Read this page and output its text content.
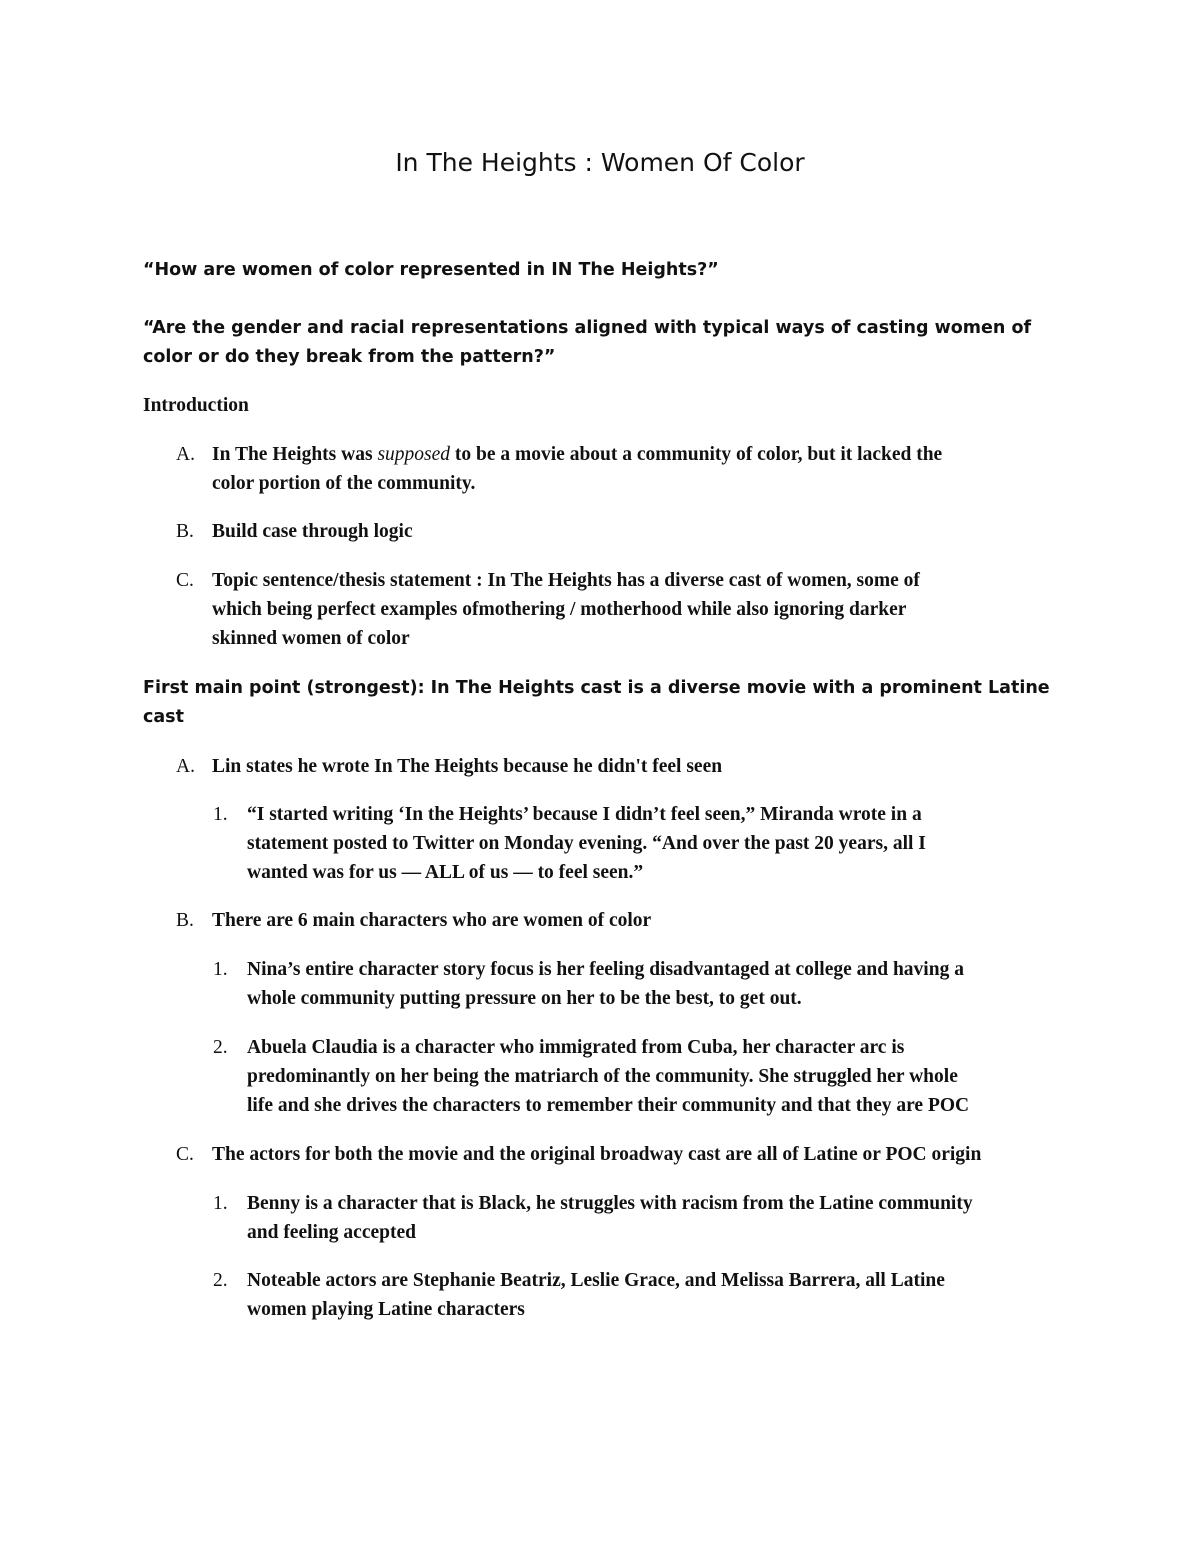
In The Heights : Women Of Color

“How are women of color represented in IN The Heights?”

“Are the gender and racial representations aligned with typical ways of casting women of
color or do they break from the pattern?”

Introduction

A. In The Heights was supposed to be a movie about a community of color, but it lacked the
color portion of the community.
B. Build case through logic

C. Topic sentence/thesis statement : In The Heights has a diverse cast of women, some of
which being perfect examples ofmothering / motherhood while also ignoring darker
skinned women of color
First main point (strongest): In The Heights cast is a diverse movie with a prominent Latine
cast
A. Lin states he wrote In The Heights because he didn't feel seen

1. “I started writing ‘In the Heights’ because I didn’t feel seen,” Miranda wrote in a
statement posted to Twitter on Monday evening. “And over the past 20 years, all I
wanted was for us — ALL of us — to feel seen.”
B. There are 6 main characters who are women of color

1. Nina’s entire character story focus is her feeling disadvantaged at college and having a
whole community putting pressure on her to be the best, to get out.
2. Abuela Claudia is a character who immigrated from Cuba, her character arc is
predominantly on her being the matriarch of the community. She struggled her whole
life and she drives the characters to remember their community and that they are POC
C. The actors for both the movie and the original broadway cast are all of Latine or POC origin

1. Benny is a character that is Black, he struggles with racism from the Latine community
and feeling accepted
2. Noteable actors are Stephanie Beatriz, Leslie Grace, and Melissa Barrera, all Latine
women playing Latine characters
